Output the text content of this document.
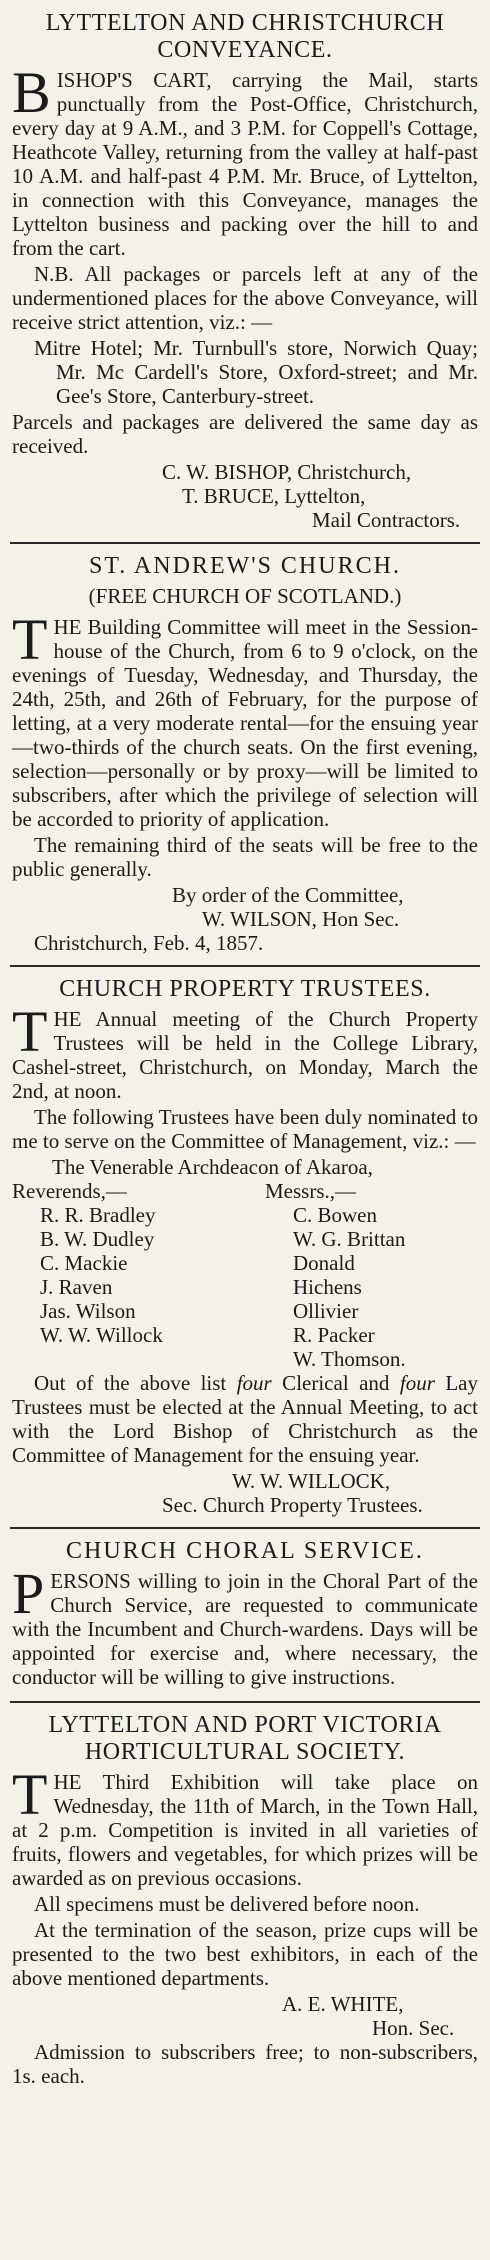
LYTTELTON AND CHRISTCHURCH CONVEYANCE.

BISHOP'S CART, carrying the Mail, starts punctually from the Post-Office, Christchurch, every day at 9 A.M., and 3 P.M. for Coppell's Cottage, Heathcote Valley, returning from the valley at half-past 10 A.M. and half-past 4 P.M. Mr. Bruce, of Lyttelton, in connection with this Conveyance, manages the Lyttelton business and packing over the hill to and from the cart.

N.B. All packages or parcels left at any of the undermentioned places for the above Conveyance, will receive strict attention, viz.: —

Mitre Hotel; Mr. Turnbull's store, Norwich Quay; Mr. Mc Cardell's Store, Oxford-street; and Mr. Gee's Store, Canterbury-street.

Parcels and packages are delivered the same day as received.

C. W. BISHOP, Christchurch,

T. BRUCE, Lyttelton,

Mail Contractors.

ST. ANDREW'S CHURCH.
(FREE CHURCH OF SCOTLAND.)

THE Building Committee will meet in the Session-house of the Church, from 6 to 9 o'clock, on the evenings of Tuesday, Wednesday, and Thursday, the 24th, 25th, and 26th of February, for the purpose of letting, at a very moderate rental—for the ensuing year—two-thirds of the church seats. On the first evening, selection—personally or by proxy—will be limited to subscribers, after which the privilege of selection will be accorded to priority of application.

The remaining third of the seats will be free to the public generally.

By order of the Committee,

W. WILSON, Hon Sec.

Christchurch, Feb. 4, 1857.

CHURCH PROPERTY TRUSTEES.

THE Annual meeting of the Church Property Trustees will be held in the College Library, Cashel-street, Christchurch, on Monday, March the 2nd, at noon.

The following Trustees have been duly nominated to me to serve on the Committee of Management, viz.: —

The Venerable Archdeacon of Akaroa,

Reverends,—

R. R. Bradley

B. W. Dudley

C. Mackie

J. Raven

Jas. Wilson

W. W. Willock

Messrs.,—

C. Bowen

W. G. Brittan

Donald

Hichens

Ollivier

R. Packer

W. Thomson.

Out of the above list four Clerical and four Lay Trustees must be elected at the Annual Meeting, to act with the Lord Bishop of Christchurch as the Committee of Management for the ensuing year.

W. W. WILLOCK,

Sec. Church Property Trustees.

CHURCH CHORAL SERVICE.

PERSONS willing to join in the Choral Part of the Church Service, are requested to communicate with the Incumbent and Church-wardens. Days will be appointed for exercise and, where necessary, the conductor will be willing to give instructions.

LYTTELTON AND PORT VICTORIA HORTICULTURAL SOCIETY.

THE Third Exhibition will take place on Wednesday, the 11th of March, in the Town Hall, at 2 p.m. Competition is invited in all varieties of fruits, flowers and vegetables, for which prizes will be awarded as on previous occasions.

All specimens must be delivered before noon.

At the termination of the season, prize cups will be presented to the two best exhibitors, in each of the above mentioned departments.

A. E. WHITE,

Hon. Sec.

Admission to subscribers free; to non-subscribers, 1s. each.
